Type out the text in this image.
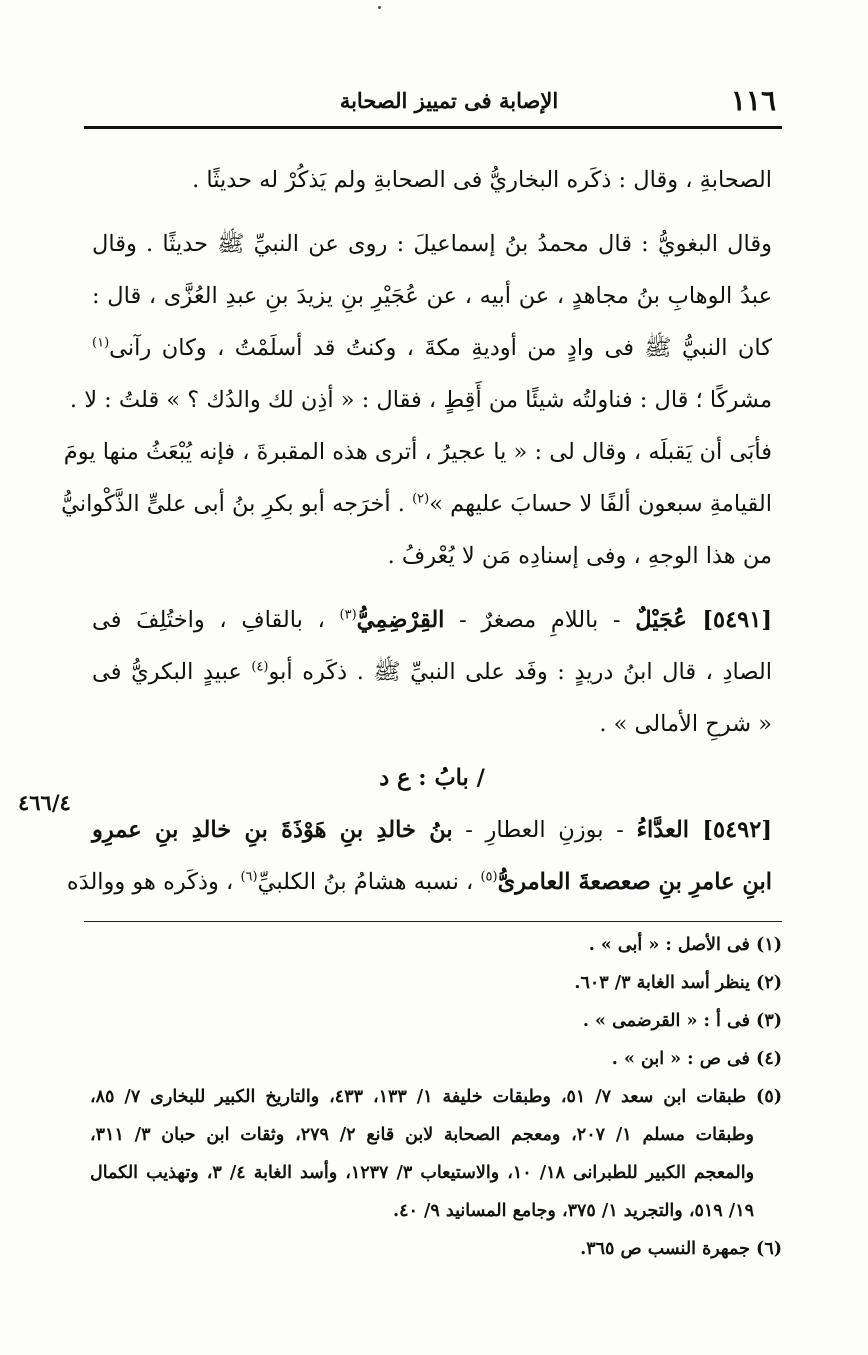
١١٦
الإصابة فى تمييز الصحابة
الصحابةِ ، وقال : ذكَره البخاريُّ فى الصحابةِ ولم يَذكُرْ له حديثًا .
وقال البغويُّ : قال محمدُ بنُ إسماعيلَ : روى عن النبيِّ ﷺ حديثًا . وقال
عبدُ الوهابِ بنُ مجاهدٍ ، عن أبيه ، عن عُجَيْرِ بنِ يزيدَ بنِ عبدِ العُزَّى ، قال :
كان النبيُّ ﷺ فى وادٍ من أوديةِ مكةَ ، وكنتُ قد أسلَمْتُ ، وكان رآنى$^{(١)}$
مشركًا ؛ قال : فناولتُه شيئًا من أَقِطٍ ، فقال : « أذِن لك والدُك ؟ » قلتُ : لا .
فأبَى أن يَقبلَه ، وقال لى : « يا عجيرُ ، أترى هذه المقبرةَ ، فإنه يُبْعَثُ منها يومَ
القيامةِ سبعون ألفًا لا حسابَ عليهم »$^{(٢)}$ . أخرَجه أبو بكرِ بنُ أبى علىٍّ الذَّكْوانيُّ
من هذا الوجهِ ، وفى إسنادِه مَن لا يُعْرفُ .
[٥٤٩١] عُجَيْلٌ - باللامِ مصغرٌ - القِرْضِمِيُّ$^{(٣)}$ ، بالقافِ ، واختُلِفَ فى
الصادِ ، قال ابنُ دريدٍ : وفَد على النبيِّ ﷺ . ذكَره أبو$^{(٤)}$ عبيدٍ البكريُّ فى
« شرحِ الأمالى » .
/ بابُ : ع د
٤٦٦/٤
[٥٤٩٢] العدَّاءُ - بوزنِ العطارِ - بنُ خالدِ بنِ هَوْذَةَ بنِ خالدِ بنِ عمرِو
ابنِ عامرِ بنِ صعصعةَ العامرىُّ$^{(٥)}$ ، نسبه هشامُ بنُ الكلبيِّ$^{(٦)}$ ، وذكَره هو ووالدَه
(١) فى الأصل : « أبى » .
(٢) ينظر أسد الغابة ٣/ ٦٠٣.
(٣) فى أ : « القرضمى » .
(٤) فى ص : « ابن » .
(٥) طبقات ابن سعد ٧/ ٥١، وطبقات خليفة ١/ ١٣٣، ٤٣٣، والتاريخ الكبير للبخارى ٧/ ٨٥،
وطبقات مسلم ١/ ٢٠٧، ومعجم الصحابة لابن قانع ٢/ ٢٧٩، وثقات ابن حبان ٣/ ٣١١،
والمعجم الكبير للطبرانى ١٨/ ١٠، والاستيعاب ٣/ ١٢٣٧، وأسد الغابة ٤/ ٣، وتهذيب الكمال
١٩/ ٥١٩، والتجريد ١/ ٣٧٥، وجامع المسانيد ٩/ ٤٠.
(٦) جمهرة النسب ص ٣٦٥.
